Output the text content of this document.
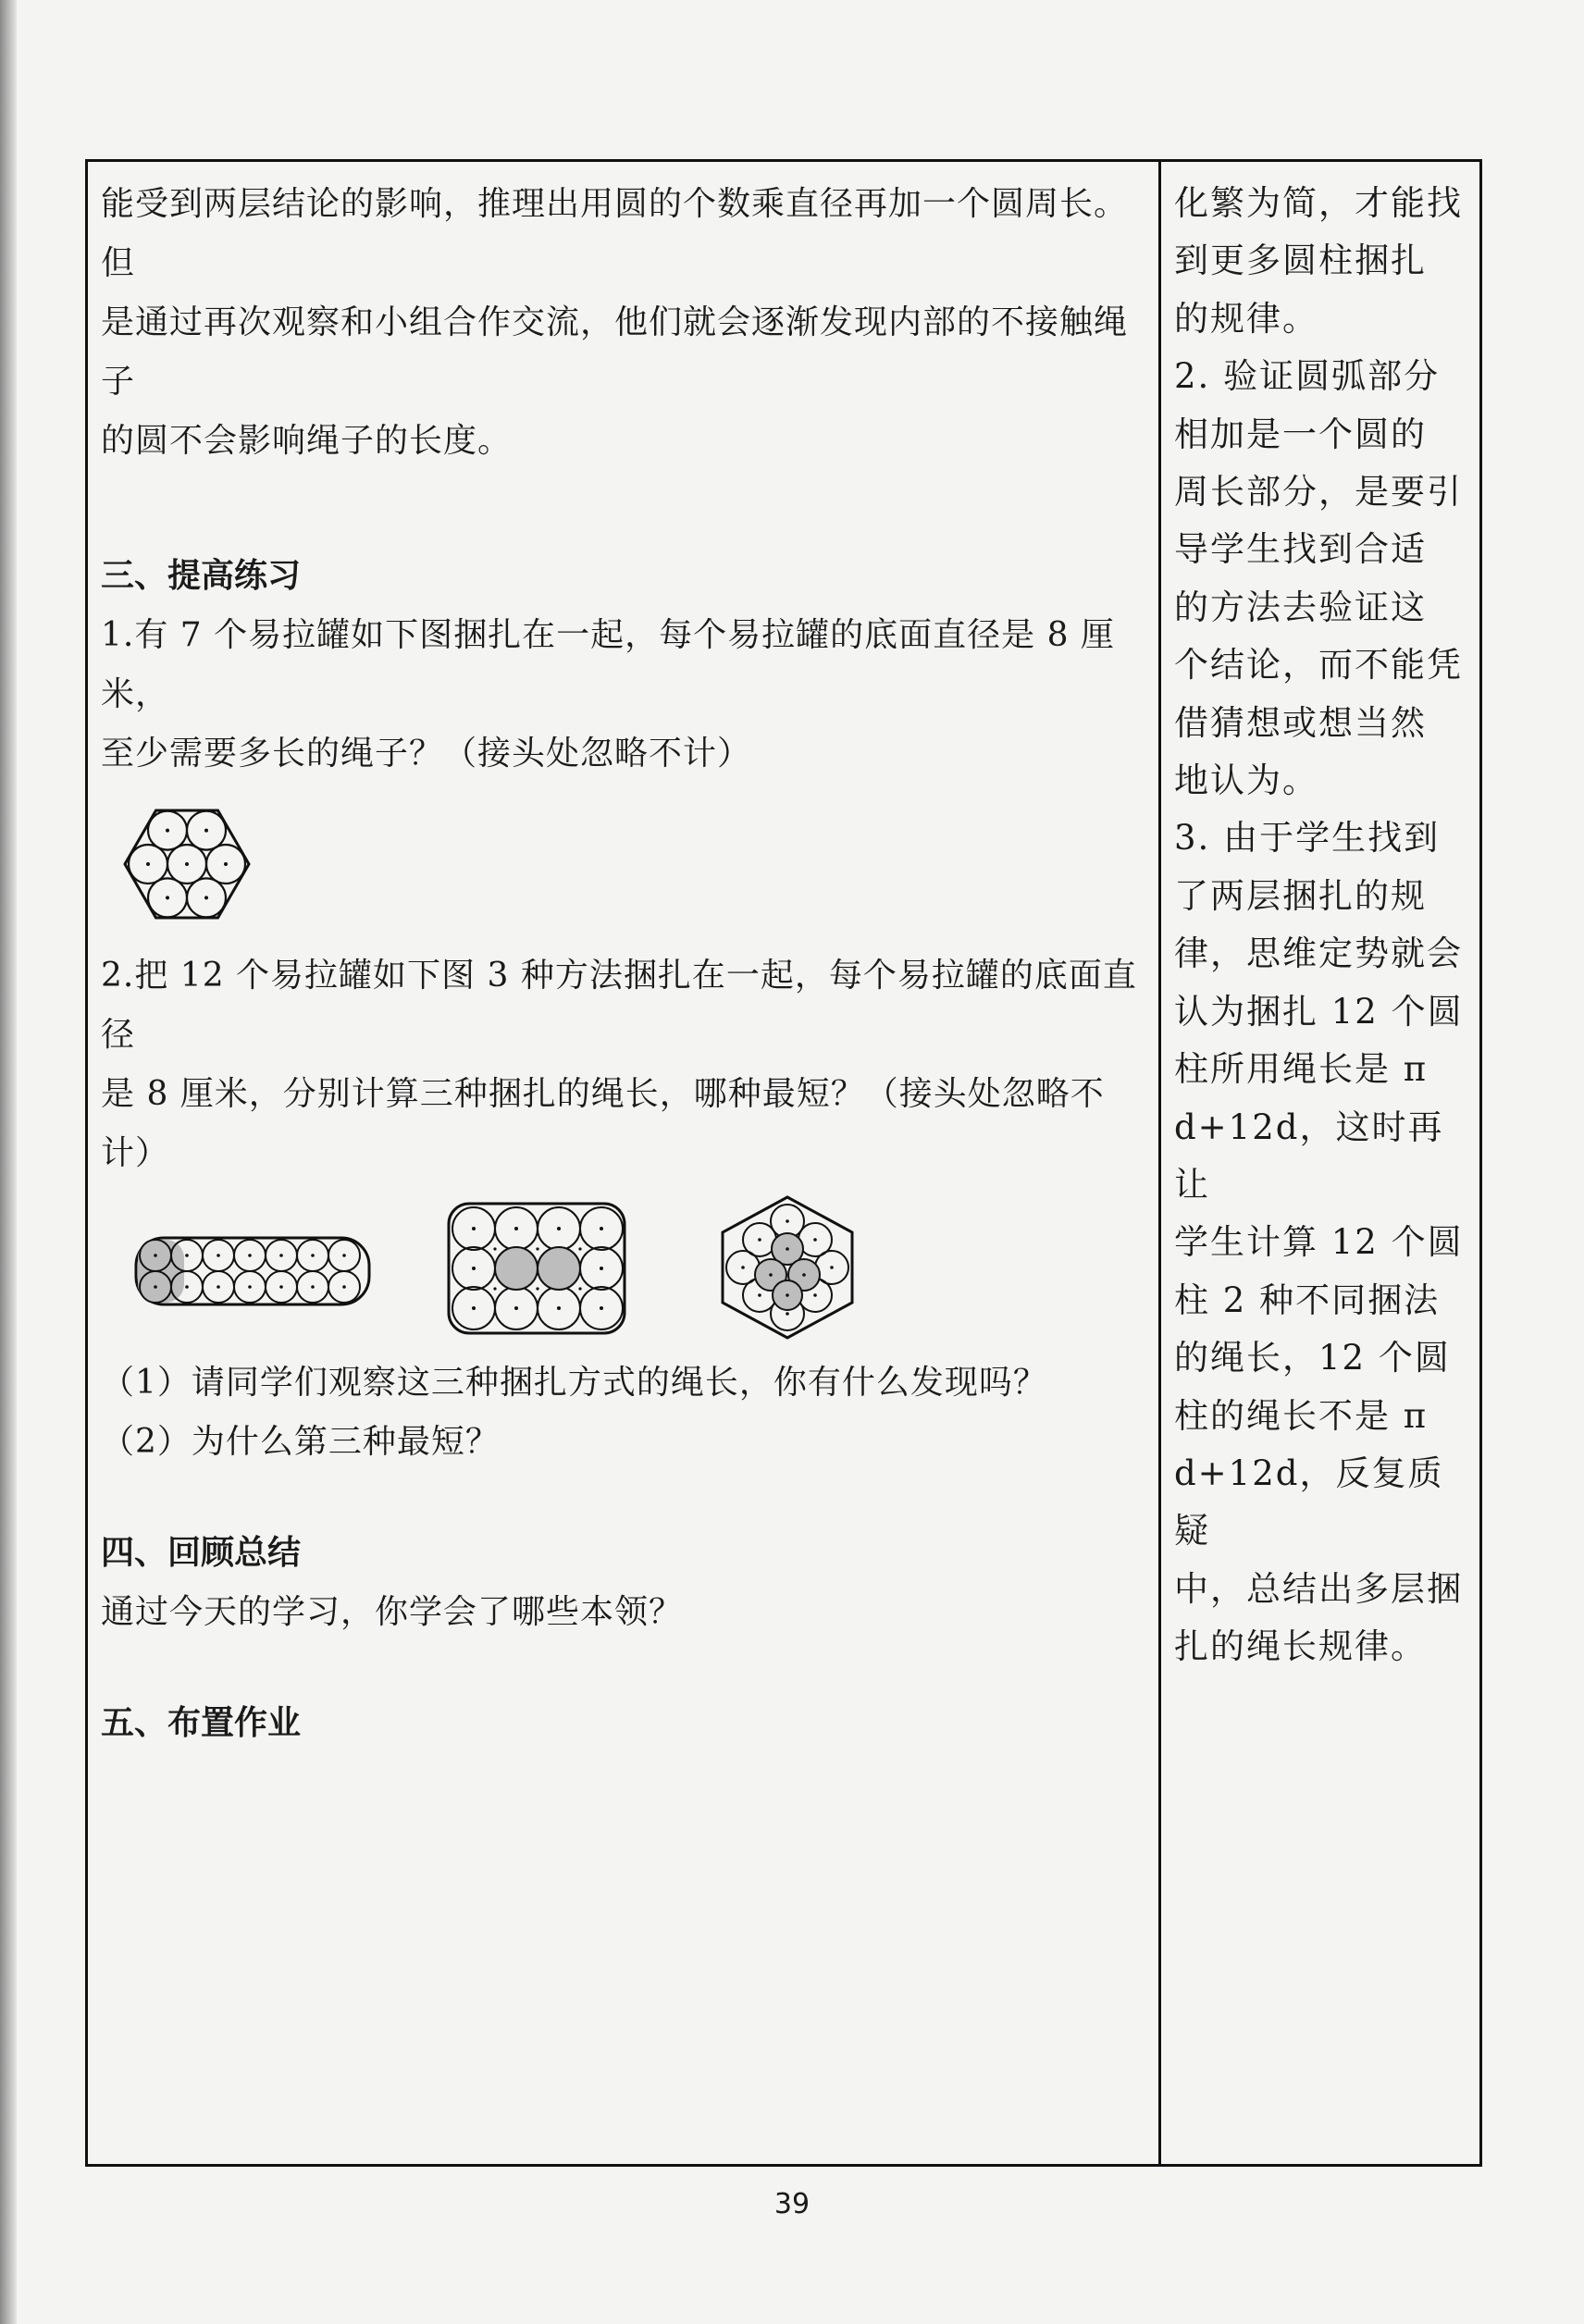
能受到两层结论的影响，推理出用圆的个数乘直径再加一个圆周长。但

是通过再次观察和小组合作交流，他们就会逐渐发现内部的不接触绳子

的圆不会影响绳子的长度。

三、提高练习

1.有 7 个易拉罐如下图捆扎在一起，每个易拉罐的底面直径是 8 厘米，

至少需要多长的绳子？（接头处忽略不计）

2.把 12 个易拉罐如下图 3 种方法捆扎在一起，每个易拉罐的底面直径

是 8 厘米，分别计算三种捆扎的绳长，哪种最短？（接头处忽略不计）

（1）请同学们观察这三种捆扎方式的绳长，你有什么发现吗？

（2）为什么第三种最短？

四、回顾总结

通过今天的学习，你学会了哪些本领？

五、布置作业

化繁为简，才能找

到更多圆柱捆扎

的规律。

2. 验证圆弧部分

相加是一个圆的

周长部分，是要引

导学生找到合适

的方法去验证这

个结论，而不能凭

借猜想或想当然

地认为。

3. 由于学生找到

了两层捆扎的规

律，思维定势就会

认为捆扎 12 个圆

柱所用绳长是 π

d+12d，这时再让

学生计算 12 个圆

柱 2 种不同捆法

的绳长，12 个圆

柱的绳长不是 π

d+12d，反复质疑

中，总结出多层捆

扎的绳长规律。

39
